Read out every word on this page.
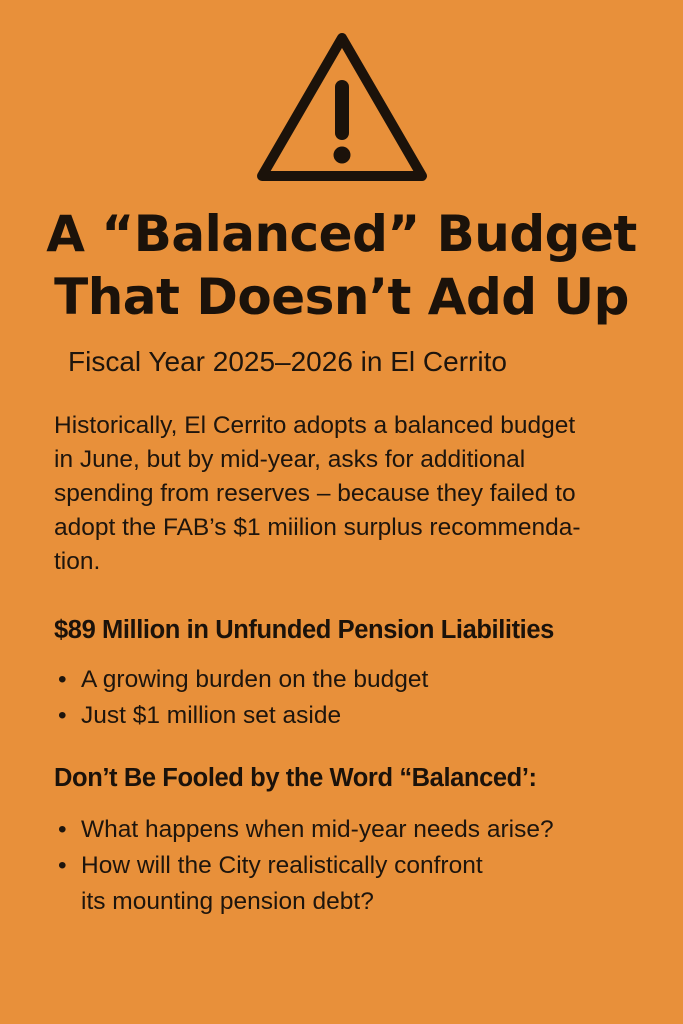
A “Balanced” Budget
That Doesn’t Add Up

Fiscal Year 2025–2026 in El Cerrito

Historically, El Cerrito adopts a balanced budget
in June, but by mid-year, asks for additional
spending from reserves – because they failed to
adopt the FAB’s $1 miilion surplus recommenda-
tion.

$89 Million in Unfunded Pension Liabilities
• A growing burden on the budget
• Just $1 million set aside
Don’t Be Fooled by the Word “Balanced’:
• What happens when mid-year needs arise?
• How will the City realistically confront
its mounting pension debt?
